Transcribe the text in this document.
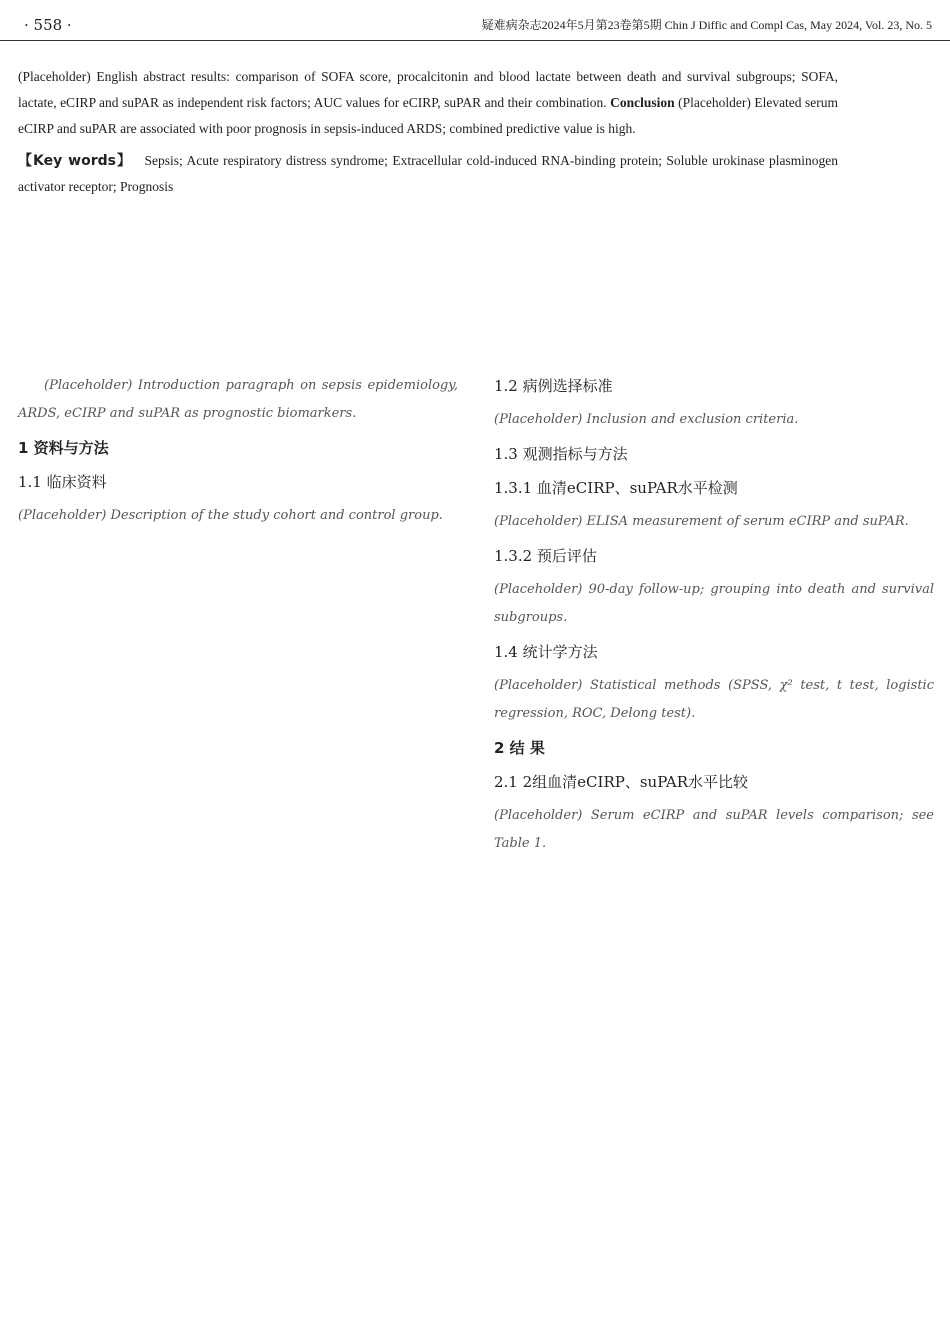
· 558 ·	疑难病杂志2024年5月第23卷第5期 Chin J Diffic and Compl Cas, May 2024, Vol. 23, No. 5
(Placeholder) English abstract results: comparison of SOFA score, procalcitonin and blood lactate between death and survival subgroups; SOFA, lactate, eCIRP and suPAR as independent risk factors; AUC values for eCIRP, suPAR and their combination. Conclusion (Placeholder) Elevated serum eCIRP and suPAR are associated with poor prognosis in sepsis-induced ARDS; combined predictive value is high.
【Key words】 Sepsis; Acute respiratory distress syndrome; Extracellular cold-induced RNA-binding protein; Soluble urokinase plasminogen activator receptor; Prognosis

(Placeholder) Introduction paragraph on sepsis epidemiology, ARDS, eCIRP and suPAR as prognostic biomarkers.

1 资料与方法

1.1 临床资料

(Placeholder) Description of the study cohort and control group.

1.2 病例选择标准

(Placeholder) Inclusion and exclusion criteria.

1.3 观测指标与方法

1.3.1 血清eCIRP、suPAR水平检测

(Placeholder) ELISA measurement of serum eCIRP and suPAR.

1.3.2 预后评估

(Placeholder) 90-day follow-up; grouping into death and survival subgroups.

1.4 统计学方法

(Placeholder) Statistical methods (SPSS, χ² test, t test, logistic regression, ROC, Delong test).

2 结 果

2.1 2组血清eCIRP、suPAR水平比较

(Placeholder) Serum eCIRP and suPAR levels comparison; see Table 1.
